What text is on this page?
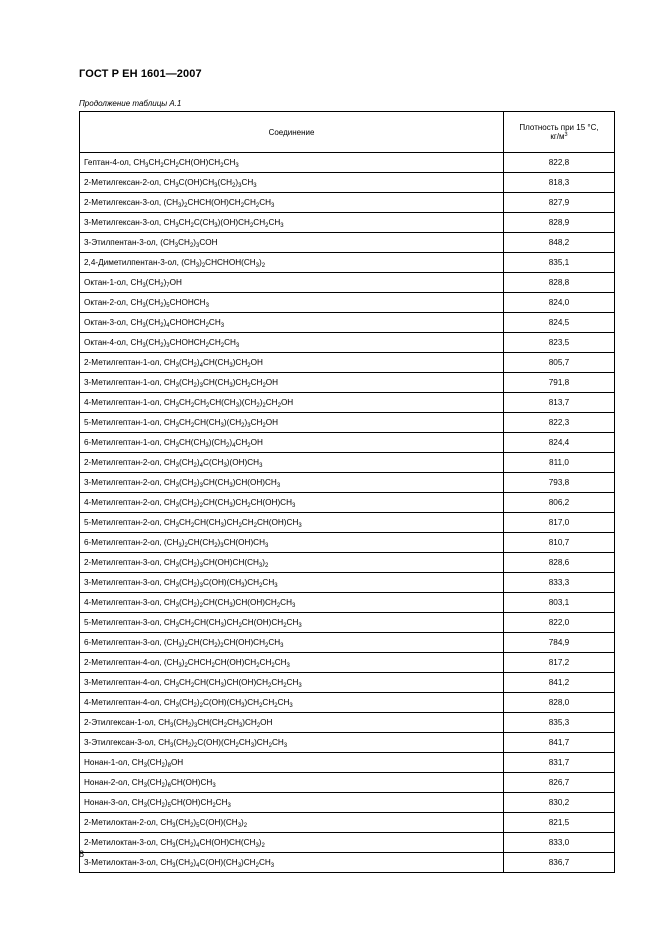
ГОСТ Р ЕН 1601—2007
Продолжение таблицы А.1
Соединение	Плотность при 15 °С,
$кг/м^3$
Гептан-4-ол, $CH_3CH_2CH_2CH(OH)CH_2CH_3$	822,8
2-Метилгексан-2-ол, $CH_3C(OH)CH_3(CH_2)_3CH_3$	818,3
2-Метилгексан-3-ол, $(CH_3)_2CHCH(OH)CH_2CH_2CH_3$	827,9
3-Метилгексан-3-ол, $CH_3CH_2C(CH_3)(OH)CH_2CH_2CH_3$	828,9
3-Этилпентан-3-ол, $(CH_3CH_2)_3COH$	848,2
2,4-Диметилпентан-3-ол, $(CH_3)_2CHCHOH(CH_3)_2$	835,1
Октан-1-ол, $CH_3(CH_2)_7OH$	828,8
Октан-2-ол, $CH_3(CH_2)_5CHOHCH_3$	824,0
Октан-3-ол, $CH_3(CH_2)_4CHOHCH_2CH_3$	824,5
Октан-4-ол, $CH_3(CH_2)_3CHOHCH_2CH_2CH_3$	823,5
2-Метилгептан-1-ол, $CH_3(CH_2)_4CH(CH_3)CH_2OH$	805,7
3-Метилгептан-1-ол, $CH_3(CH_2)_3CH(CH_3)CH_2CH_2OH$	791,8
4-Метилгептан-1-ол, $CH_3CH_2CH_2CH(CH_3)(CH_2)_2CH_2OH$	813,7
5-Метилгептан-1-ол, $CH_3CH_2CH(CH_3)(CH_2)_3CH_2OH$	822,3
6-Метилгептан-1-ол, $CH_3CH(CH_3)(CH_2)_4CH_2OH$	824,4
2-Метилгептан-2-ол, $CH_3(CH_2)_4C(CH_3)(OH)CH_3$	811,0
3-Метилгептан-2-ол, $CH_3(CH_2)_3CH(CH_3)CH(OH)CH_3$	793,8
4-Метилгептан-2-ол, $CH_3(CH_2)_2CH(CH_3)CH_2CH(OH)CH_3$	806,2
5-Метилгептан-2-ол, $CH_3CH_2CH(CH_3)CH_2CH_2CH(OH)CH_3$	817,0
6-Метилгептан-2-ол, $(CH_3)_2CH(CH_2)_3CH(OH)CH_3$	810,7
2-Метилгептан-3-ол, $CH_3(CH_2)_3CH(OH)CH(CH_3)_2$	828,6
3-Метилгептан-3-ол, $CH_3(CH_2)_3C(OH)(CH_3)CH_2CH_3$	833,3
4-Метилгептан-3-ол, $CH_3(CH_2)_2CH(CH_3)CH(OH)CH_2CH_3$	803,1
5-Метилгептан-3-ол, $CH_3CH_2CH(CH_3)CH_2CH(OH)CH_2CH_3$	822,0
6-Метилгептан-3-ол, $(CH_3)_2CH(CH_2)_2CH(OH)CH_2CH_3$	784,9
2-Метилгептан-4-ол, $(CH_3)_2CHCH_2CH(OH)CH_2CH_2CH_3$	817,2
3-Метилгептан-4-ол, $CH_3CH_2CH(CH_3)CH(OH)CH_2CH_2CH_3$	841,2
4-Метилгептан-4-ол, $CH_3(CH_2)_2C(OH)(CH_3)CH_2CH_2CH_3$	828,0
2-Этилгексан-1-ол, $CH_3(CH_2)_3CH(CH_2CH_3)CH_2OH$	835,3
3-Этилгексан-3-ол, $CH_3(CH_2)_2C(OH)(CH_2CH_3)CH_2CH_3$	841,7
Нонан-1-ол, $CH_3(CH_2)_8OH$	831,7
Нонан-2-ол, $CH_3(CH_2)_6CH(OH)CH_3$	826,7
Нонан-3-ол, $CH_3(CH_2)_5CH(OH)CH_2CH_3$	830,2
2-Метилоктан-2-ол, $CH_3(CH_2)_5C(OH)(CH_3)_2$	821,5
2-Метилоктан-3-ол, $CH_3(CH_2)_4CH(OH)CH(CH_3)_2$	833,0
3-Метилоктан-3-ол, $CH_3(CH_2)_4C(OH)(CH_3)CH_2CH_3$	836,7
8
